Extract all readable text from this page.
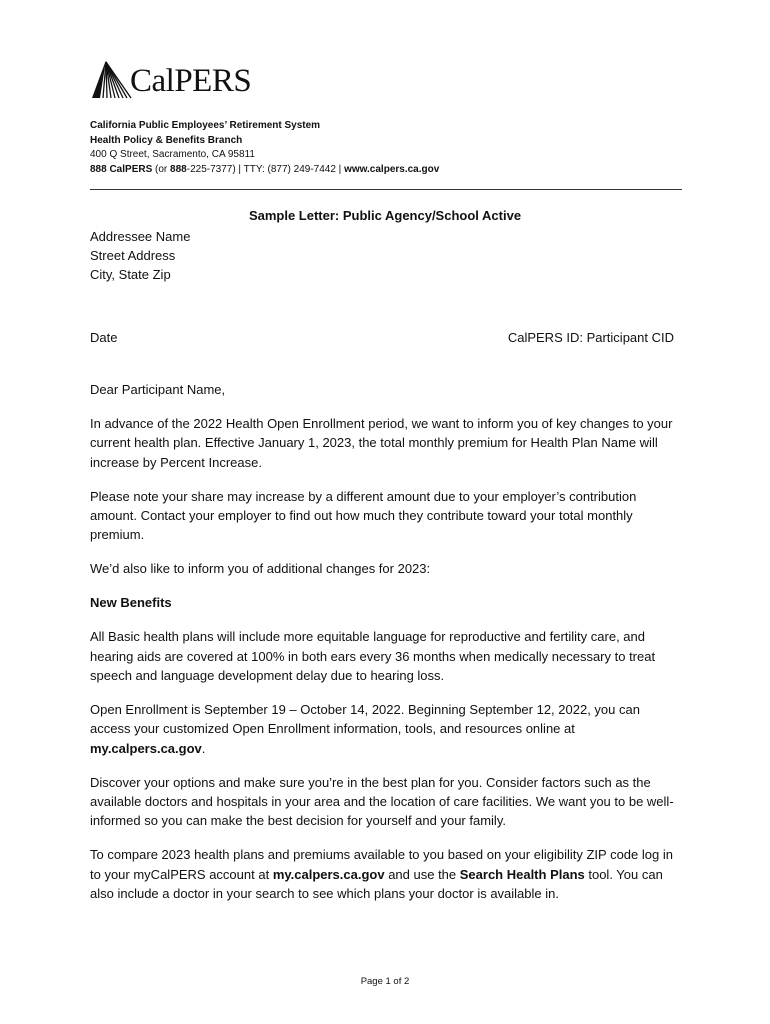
CalPERS
California Public Employees’ Retirement System
Health Policy & Benefits Branch
400 Q Street, Sacramento, CA 95811
888 CalPERS (or 888-225-7377) | TTY: (877) 249-7442 | www.calpers.ca.gov
Sample Letter: Public Agency/School Active
Addressee Name
Street Address
City, State Zip
Date	CalPERS ID: Participant CID

Dear Participant Name,

In advance of the 2022 Health Open Enrollment period, we want to inform you of key changes to your current health plan. Effective January 1, 2023, the total monthly premium for Health Plan Name will increase by Percent Increase.

Please note your share may increase by a different amount due to your employer’s contribution amount. Contact your employer to find out how much they contribute toward your total monthly premium.

We’d also like to inform you of additional changes for 2023:

New Benefits

All Basic health plans will include more equitable language for reproductive and fertility care, and hearing aids are covered at 100% in both ears every 36 months when medically necessary to treat speech and language development delay due to hearing loss.

Open Enrollment is September 19 – October 14, 2022. Beginning September 12, 2022, you can access your customized Open Enrollment information, tools, and resources online at my.calpers.ca.gov.

Discover your options and make sure you’re in the best plan for you. Consider factors such as the available doctors and hospitals in your area and the location of care facilities. We want you to be well-informed so you can make the best decision for yourself and your family.

To compare 2023 health plans and premiums available to you based on your eligibility ZIP code log in to your myCalPERS account at my.calpers.ca.gov and use the Search Health Plans tool. You can also include a doctor in your search to see which plans your doctor is available in.

Page 1 of 2
